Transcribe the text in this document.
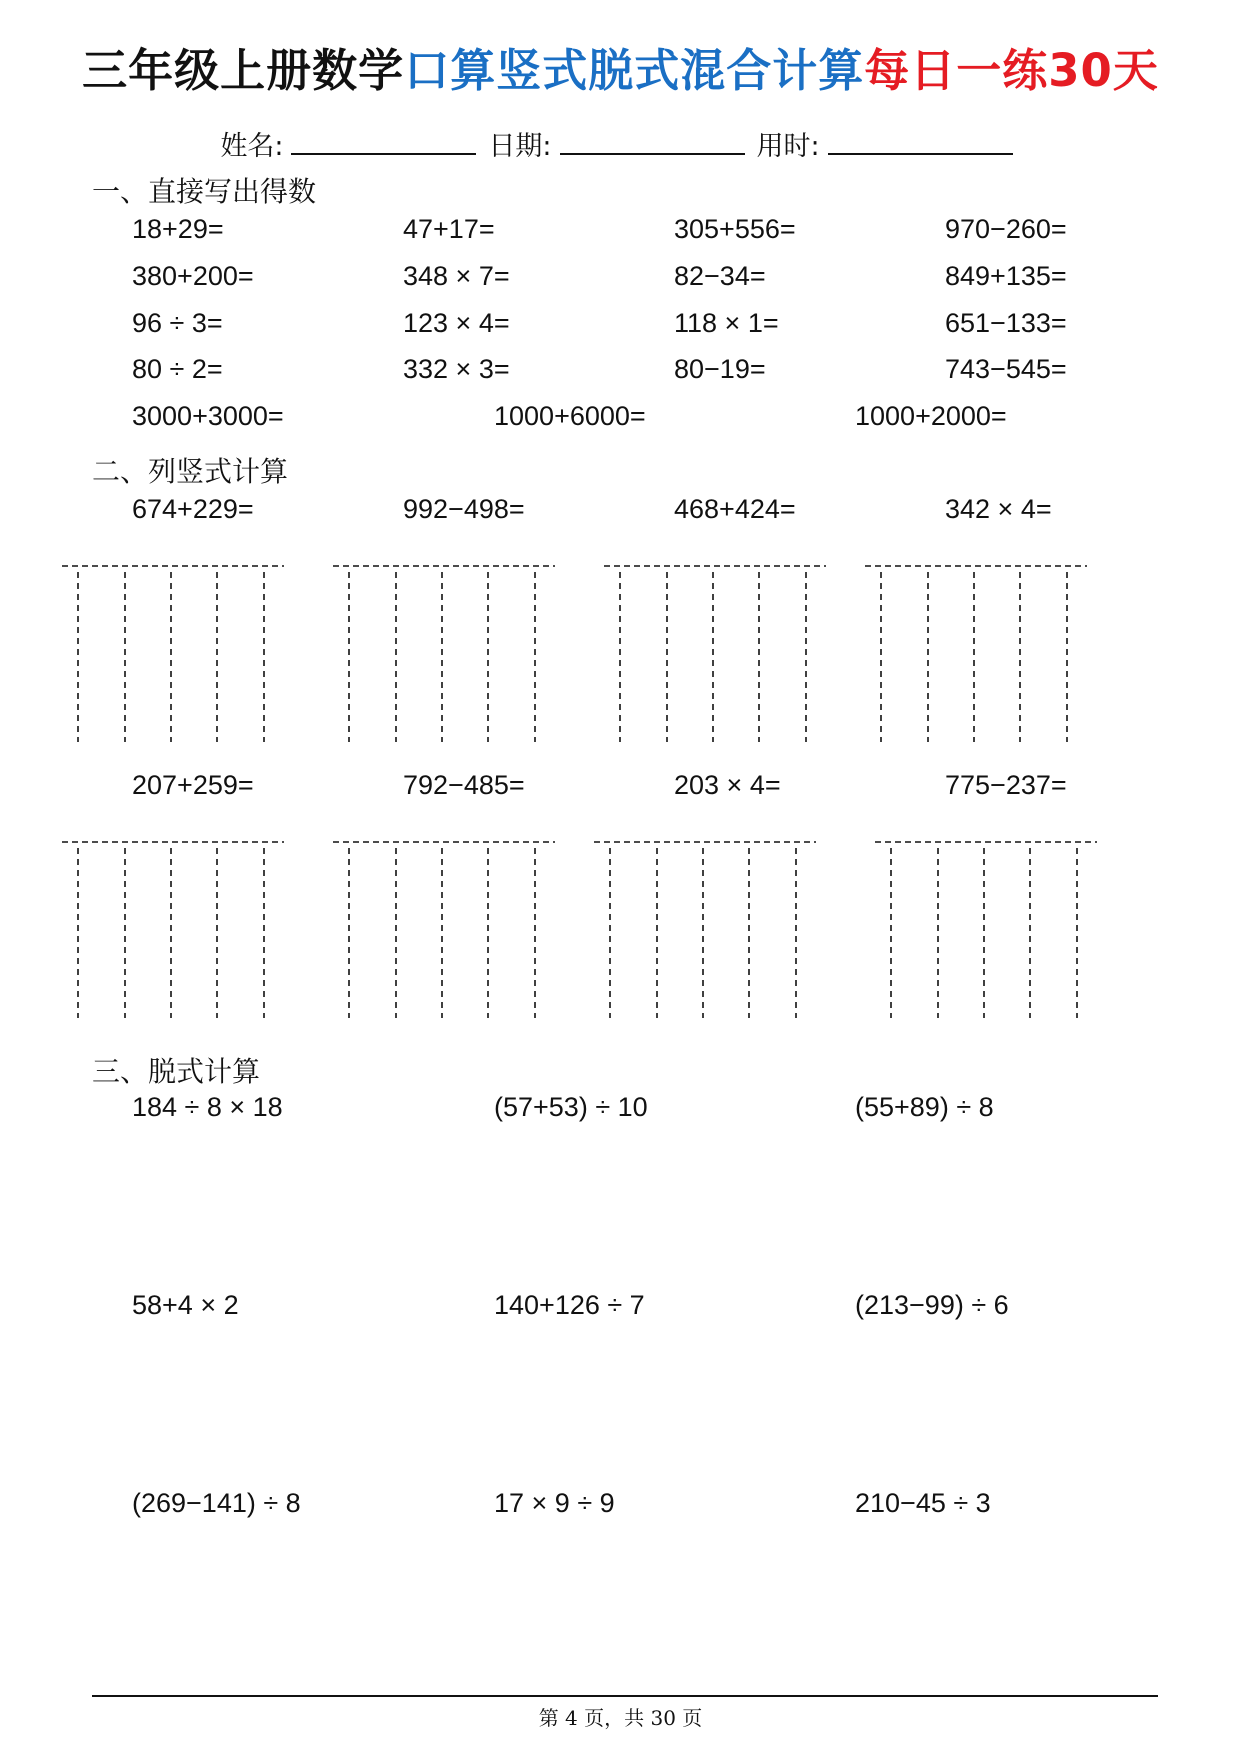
三年级上册数学口算竖式脱式混合计算每日一练30天
姓名:	日期:	用时:
一、直接写出得数
18+29=	47+17=	305+556=	970−260=
380+200=	348 × 7=	82−34=	849+135=
96 ÷ 3=	123 × 4=	118 × 1=	651−133=
80 ÷ 2=	332 × 3=	80−19=	743−545=
3000+3000=	1000+6000=	1000+2000=
二、列竖式计算
674+229=	992−498=	468+424=	342 × 4=
207+259=	792−485=	203 × 4=	775−237=
三、脱式计算
184 ÷ 8 × 18	(57+53) ÷ 10	(55+89) ÷ 8
58+4 × 2	140+126 ÷ 7	(213−99) ÷ 6
(269−141) ÷ 8	17 × 9 ÷ 9	210−45 ÷ 3
第 4 页，共 30 页
